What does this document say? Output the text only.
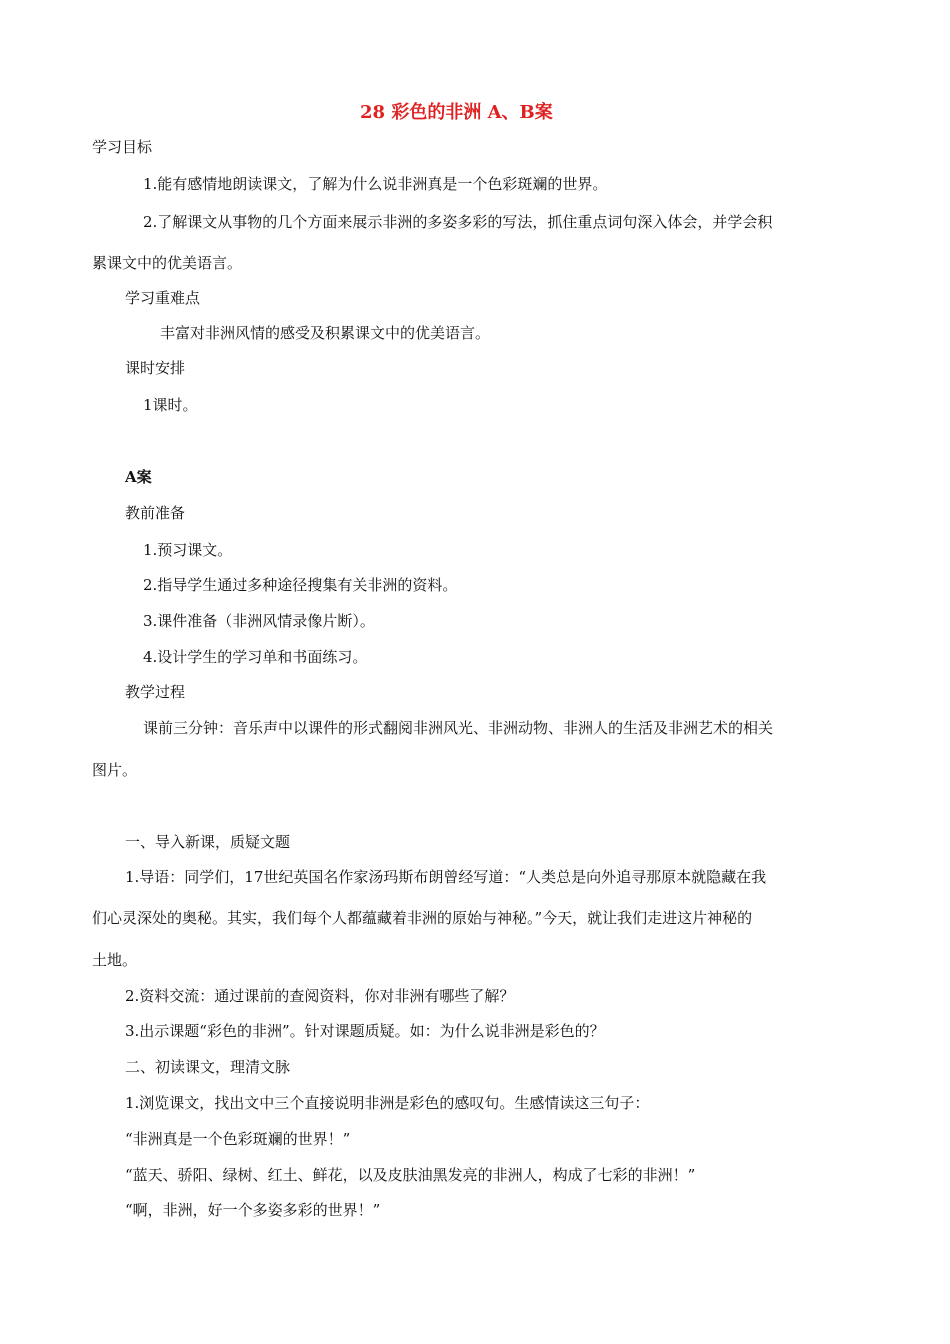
28 彩色的非洲 A、B案
学习目标
1.能有感情地朗读课文，了解为什么说非洲真是一个色彩斑斓的世界。
2.了解课文从事物的几个方面来展示非洲的多姿多彩的写法，抓住重点词句深入体会，并学会积
累课文中的优美语言。
学习重难点
丰富对非洲风情的感受及积累课文中的优美语言。
课时安排
1课时。
A案
教前准备
1.预习课文。
2.指导学生通过多种途径搜集有关非洲的资料。
3.课件准备（非洲风情录像片断）。
4.设计学生的学习单和书面练习。
教学过程
课前三分钟：音乐声中以课件的形式翻阅非洲风光、非洲动物、非洲人的生活及非洲艺术的相关
图片。
一、导入新课，质疑文题
1.导语：同学们，17世纪英国名作家汤玛斯布朗曾经写道：“人类总是向外追寻那原本就隐藏在我
们心灵深处的奥秘。其实，我们每个人都蕴藏着非洲的原始与神秘。”今天，就让我们走进这片神秘的
土地。
2.资料交流：通过课前的查阅资料，你对非洲有哪些了解？
3.出示课题“彩色的非洲”。针对课题质疑。如：为什么说非洲是彩色的？
二、初读课文，理清文脉
1.浏览课文，找出文中三个直接说明非洲是彩色的感叹句。生感情读这三句子：
“非洲真是一个色彩斑斓的世界！”
“蓝天、骄阳、绿树、红土、鲜花，以及皮肤油黑发亮的非洲人，构成了七彩的非洲！”
“啊，非洲，好一个多姿多彩的世界！”
